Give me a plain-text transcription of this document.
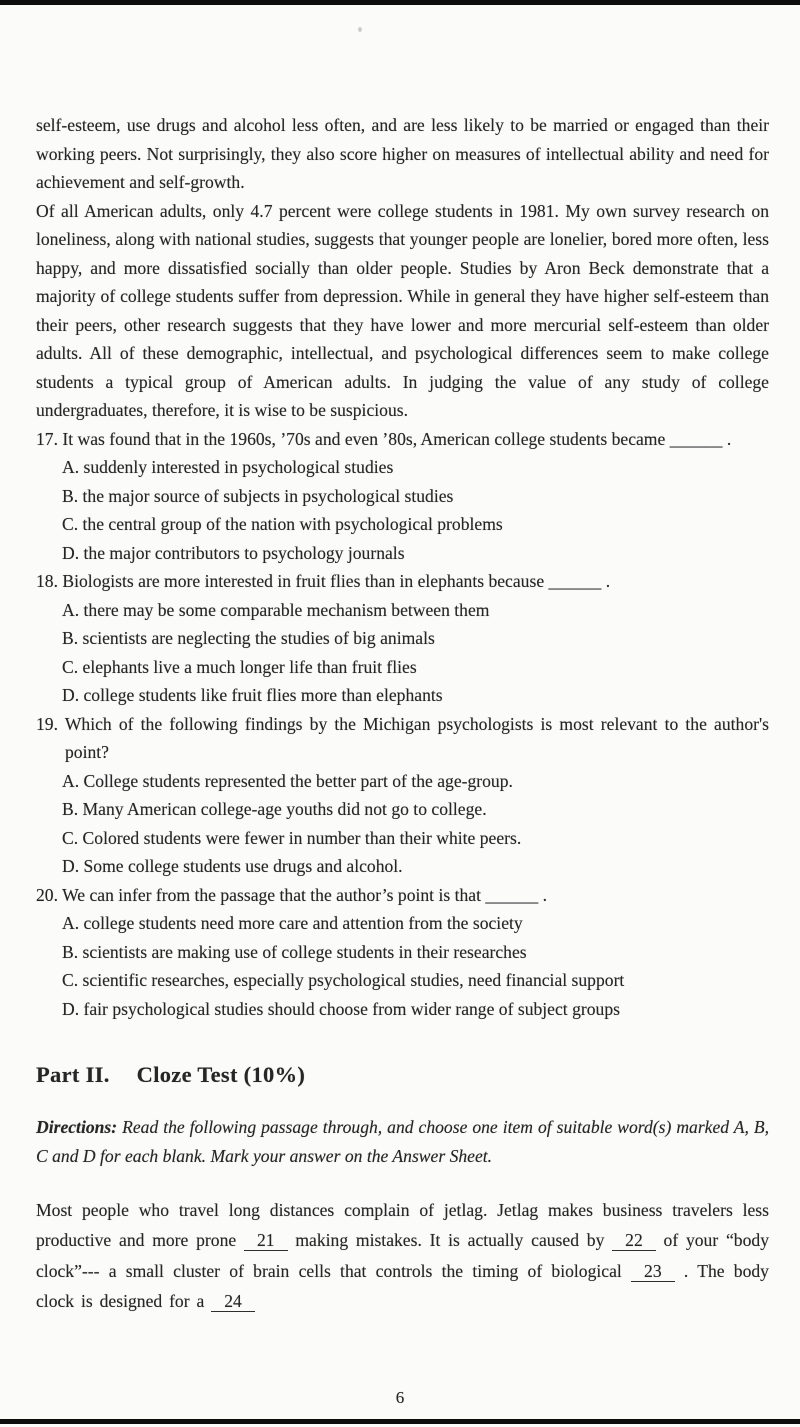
self-esteem, use drugs and alcohol less often, and are less likely to be married or engaged than their working peers. Not surprisingly, they also score higher on measures of intellectual ability and need for achievement and self-growth.

Of all American adults, only 4.7 percent were college students in 1981. My own survey research on loneliness, along with national studies, suggests that younger people are lonelier, bored more often, less happy, and more dissatisfied socially than older people. Studies by Aron Beck demonstrate that a majority of college students suffer from depression. While in general they have higher self-esteem than their peers, other research suggests that they have lower and more mercurial self-esteem than older adults. All of these demographic, intellectual, and psychological differences seem to make college students a typical group of American adults. In judging the value of any study of college undergraduates, therefore, it is wise to be suspicious.

17. It was found that in the 1960s, ’70s and even ’80s, American college students became ______ .

A. suddenly interested in psychological studies

B. the major source of subjects in psychological studies

C. the central group of the nation with psychological problems

D. the major contributors to psychology journals

18. Biologists are more interested in fruit flies than in elephants because ______ .

A. there may be some comparable mechanism between them

B. scientists are neglecting the studies of big animals

C. elephants live a much longer life than fruit flies

D. college students like fruit flies more than elephants

19. Which of the following findings by the Michigan psychologists is most relevant to the author's point?

A. College students represented the better part of the age-group.

B. Many American college-age youths did not go to college.

C. Colored students were fewer in number than their white peers.

D. Some college students use drugs and alcohol.

20. We can infer from the passage that the author’s point is that ______ .

A. college students need more care and attention from the society

B. scientists are making use of college students in their researches

C. scientific researches, especially psychological studies, need financial support

D. fair psychological studies should choose from wider range of subject groups

Part II. Cloze Test (10%)

Directions: Read the following passage through, and choose one item of suitable word(s) marked A, B, C and D for each blank. Mark your answer on the Answer Sheet.

Most people who travel long distances complain of jetlag. Jetlag makes business travelers less productive and more prone 21 making mistakes. It is actually caused by 22 of your “body clock”--- a small cluster of brain cells that controls the timing of biological 23 . The body clock is designed for a 24

6
